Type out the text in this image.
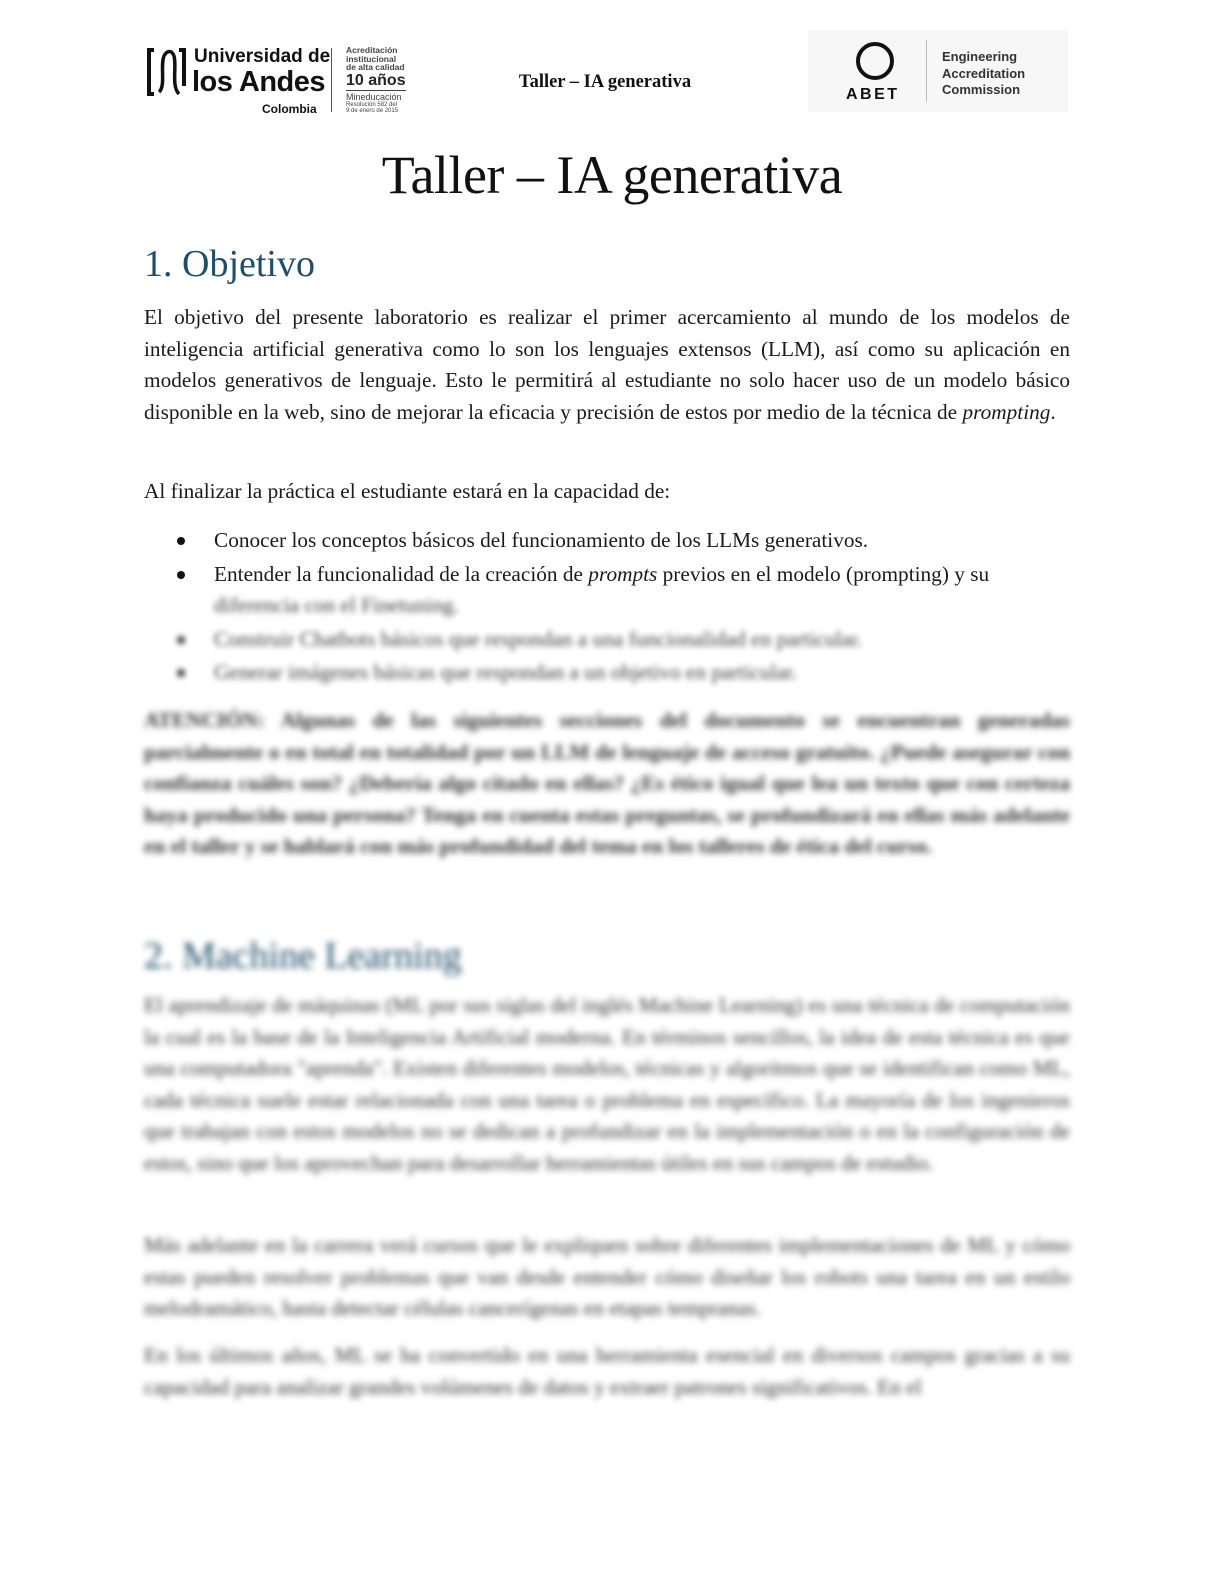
Universidad de
los Andes
Colombia
Acreditación
institucional
de alta calidad
10 años
Mineducación
Resolución 582 del
9 de enero de 2015
Taller – IA generativa
ABET
Engineering
Accreditation
Commission
Taller – IA generativa
1. Objetivo

El objetivo del presente laboratorio es realizar el primer acercamiento al mundo de los modelos de inteligencia artificial generativa como lo son los lenguajes extensos (LLM), así como su aplicación en modelos generativos de lenguaje. Esto le permitirá al estudiante no solo hacer uso de un modelo básico disponible en la web, sino de mejorar la eficacia y precisión de estos por medio de la técnica de prompting.

Al finalizar la práctica el estudiante estará en la capacidad de:

Conocer los conceptos básicos del funcionamiento de los LLMs generativos.
Entender la funcionalidad de la creación de prompts previos en el modelo (prompting) y su
diferencia con el Finetuning.
Construir Chatbots básicos que respondan a una funcionalidad en particular.
Generar imágenes básicas que respondan a un objetivo en particular.

ATENCIÓN: Algunas de las siguientes secciones del documento se encuentran generadas parcialmente o en total en totalidad por un LLM de lenguaje de acceso gratuito. ¿Puede asegurar con confianza cuáles son? ¿Debería algo citado en ellas? ¿Es ético igual que lea un texto que con certeza haya producido una persona? Tenga en cuenta estas preguntas, se profundizará en ellas más adelante en el taller y se hablará con más profundidad del tema en los talleres de ética del curso.

2. Machine Learning

El aprendizaje de máquinas (ML por sus siglas del inglés Machine Learning) es una técnica de computación la cual es la base de la Inteligencia Artificial moderna. En términos sencillos, la idea de esta técnica es que una computadora "aprenda". Existen diferentes modelos, técnicas y algoritmos que se identifican como ML, cada técnica suele estar relacionada con una tarea o problema en específico. La mayoría de los ingenieros que trabajan con estos modelos no se dedican a profundizar en la implementación o en la configuración de estos, sino que los aprovechan para desarrollar herramientas útiles en sus campos de estudio.

Más adelante en la carrera verá cursos que le expliquen sobre diferentes implementaciones de ML y cómo estas pueden resolver problemas que van desde entender cómo diseñar los robots una tarea en un estilo melodramático, hasta detectar células cancerígenas en etapas tempranas.

En los últimos años, ML se ha convertido en una herramienta esencial en diversos campos gracias a su capacidad para analizar grandes volúmenes de datos y extraer patrones significativos. En el
